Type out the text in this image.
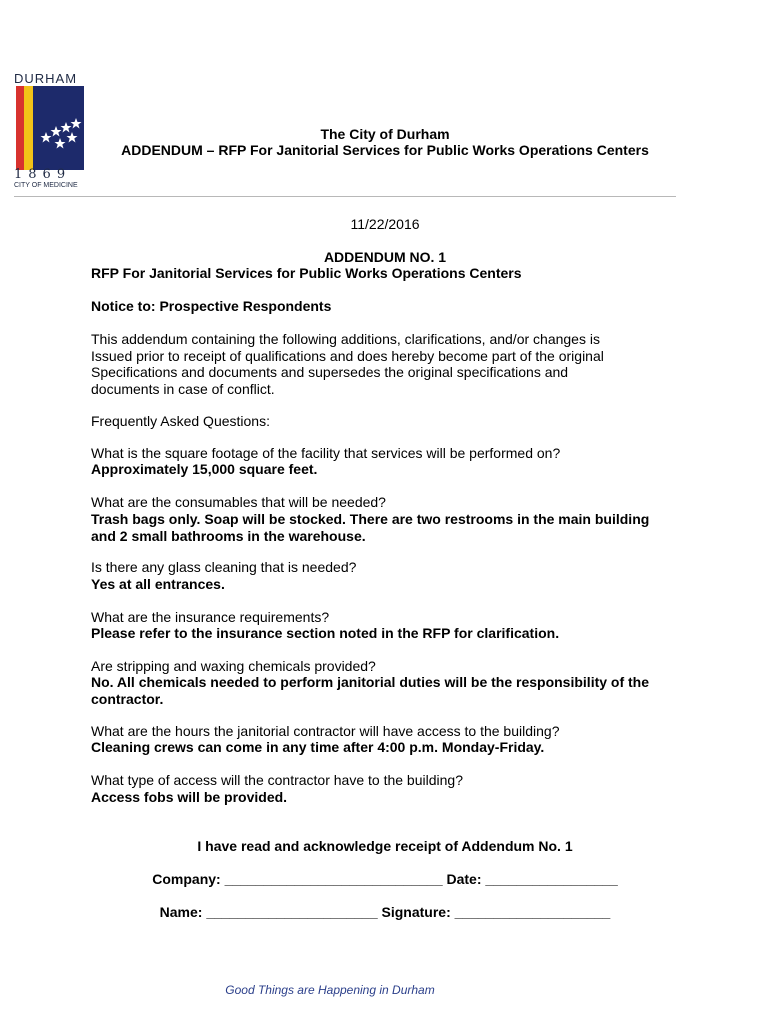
DURHAM
1869
CITY OF MEDICINE
The City of Durham
ADDENDUM – RFP For Janitorial Services for Public Works Operations Centers
11/22/2016
ADDENDUM NO. 1
RFP For Janitorial Services for Public Works Operations Centers
Notice to: Prospective Respondents
This addendum containing the following additions, clarifications, and/or changes is Issued prior to receipt of qualifications and does hereby become part of the original Specifications and documents and supersedes the original specifications and documents in case of conflict.
Frequently Asked Questions:
What is the square footage of the facility that services will be performed on?
Approximately 15,000 square feet.
What are the consumables that will be needed?
Trash bags only. Soap will be stocked. There are two restrooms in the main building and 2 small bathrooms in the warehouse.
Is there any glass cleaning that is needed?
Yes at all entrances.
What are the insurance requirements?
Please refer to the insurance section noted in the RFP for clarification.
Are stripping and waxing chemicals provided?
No. All chemicals needed to perform janitorial duties will be the responsibility of the contractor.
What are the hours the janitorial contractor will have access to the building?
Cleaning crews can come in any time after 4:00 p.m. Monday-Friday.
What type of access will the contractor have to the building?
Access fobs will be provided.
I have read and acknowledge receipt of Addendum No. 1
Company: ____________________________ Date: _________________
Name: ______________________ Signature: ____________________
Good Things are Happening in Durham
